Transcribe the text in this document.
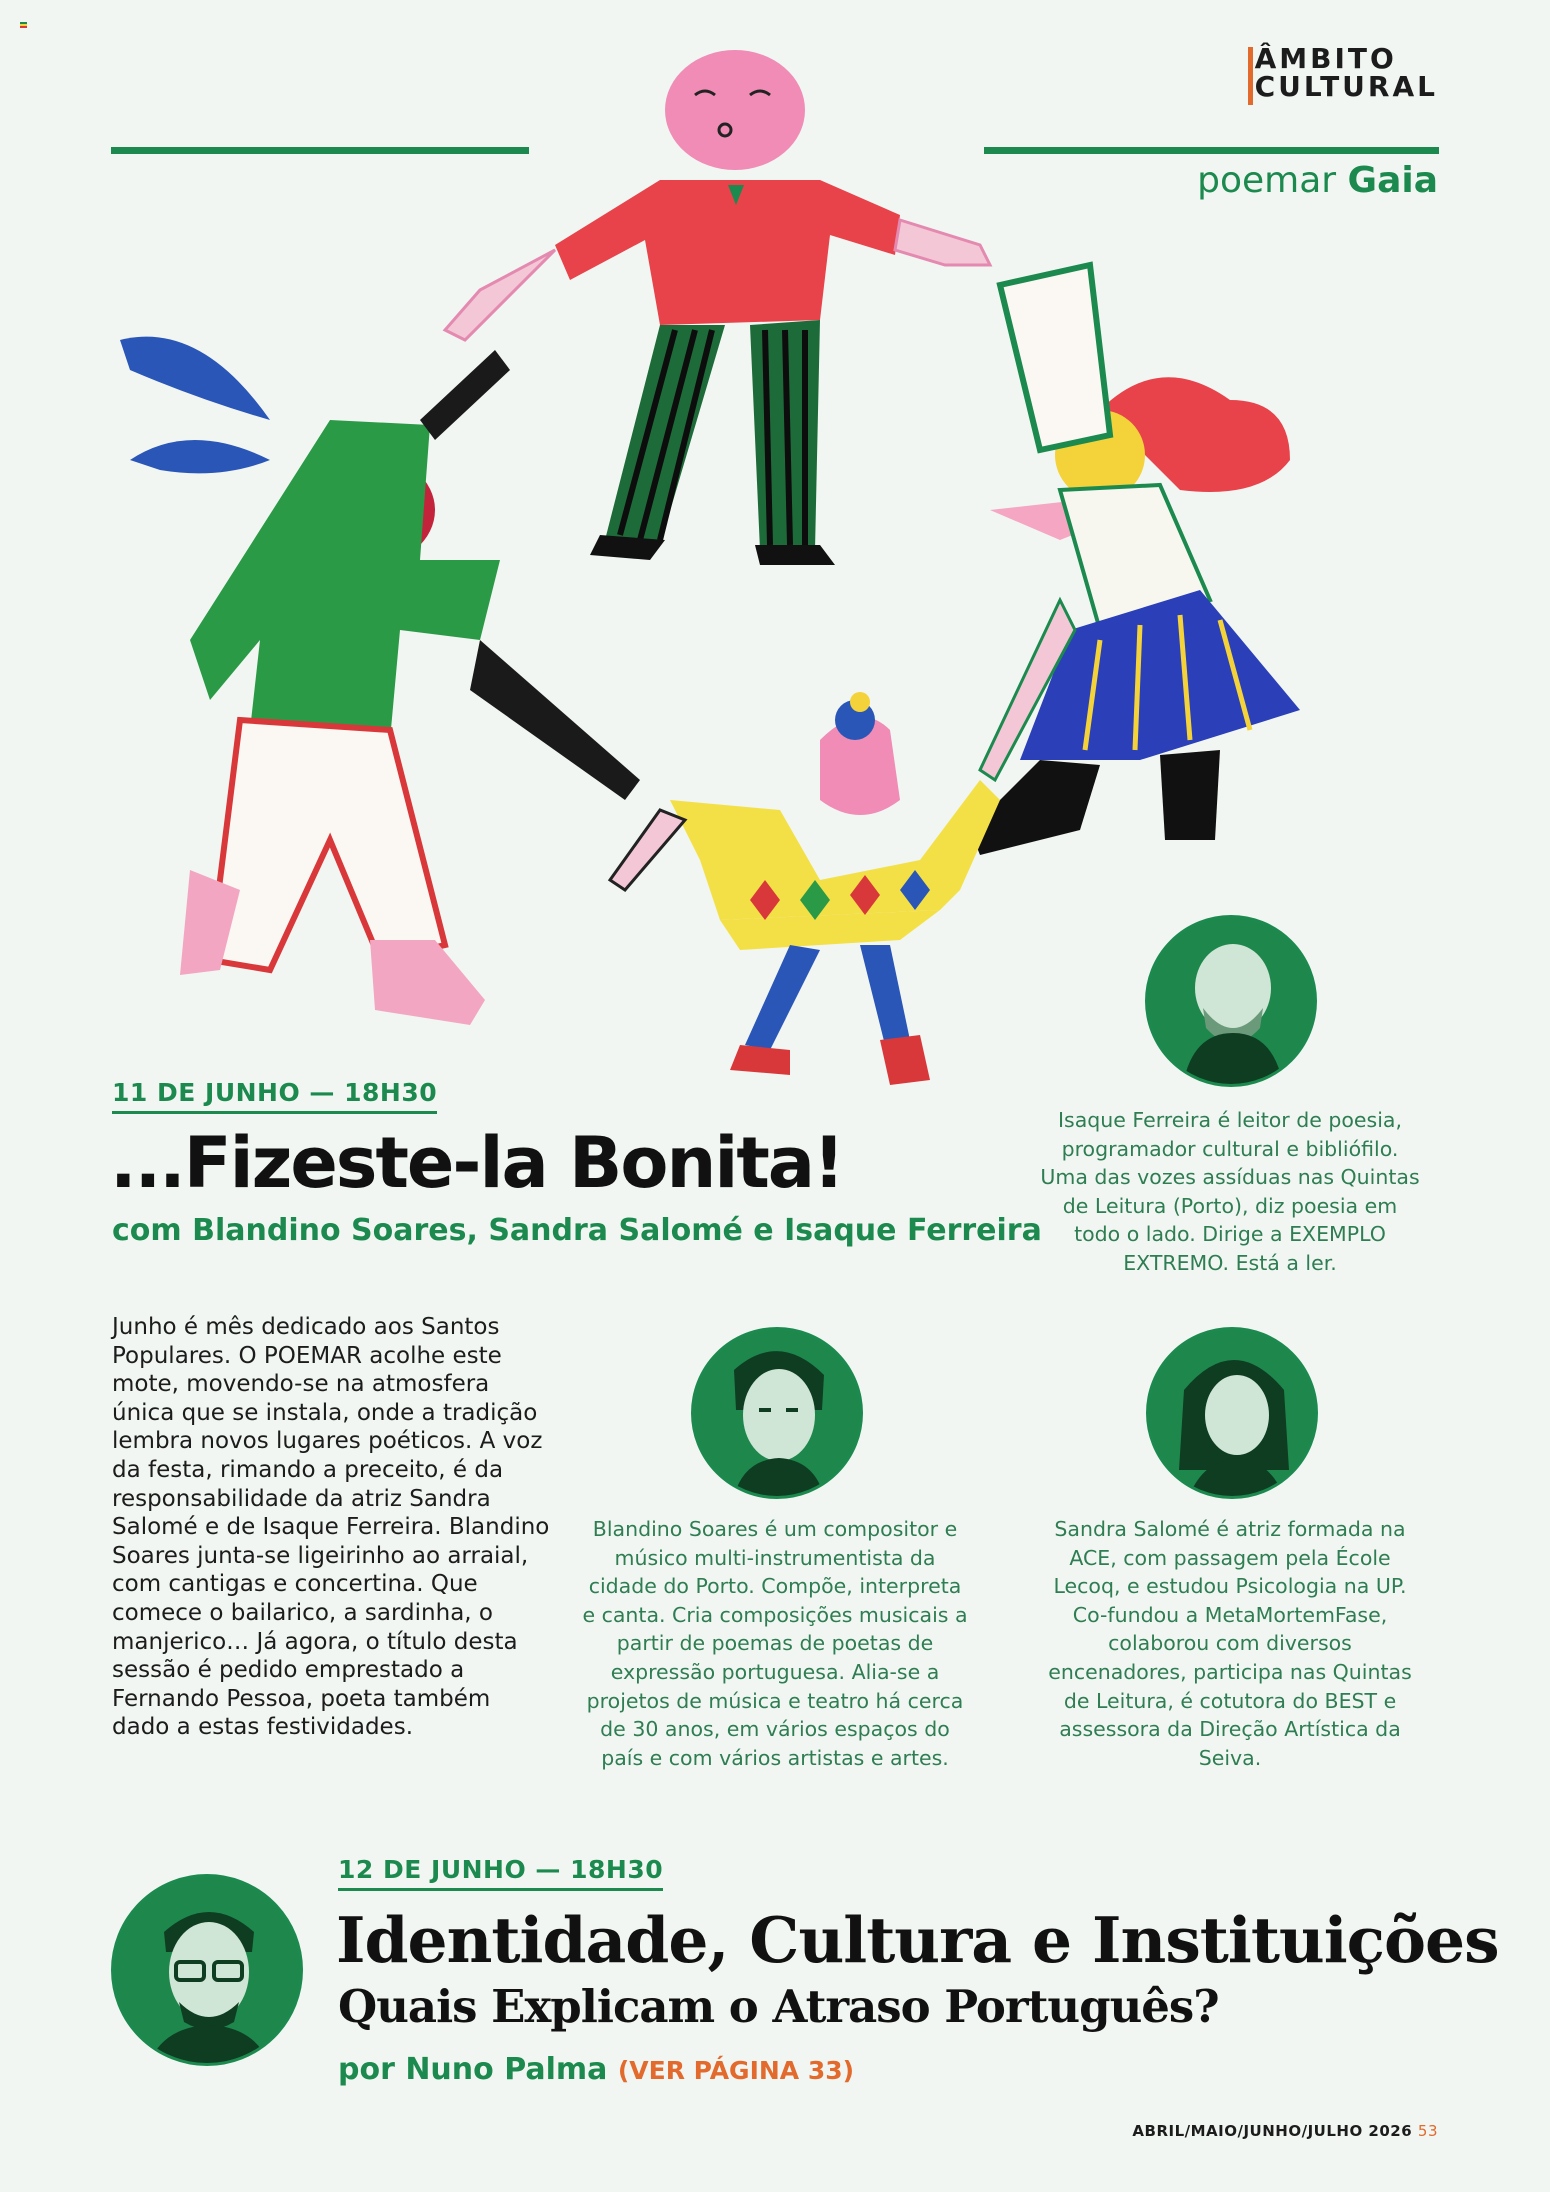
ÂMBITO
CULTURAL
poemar Gaia
11 DE JUNHO — 18H30
...Fizeste-la Bonita!
com Blandino Soares, Sandra Salomé e Isaque Ferreira
Isaque Ferreira é leitor de poesia, programador cultural e bibliófilo. Uma das vozes assíduas nas Quintas de Leitura (Porto), diz poesia em todo o lado. Dirige a EXEMPLO EXTREMO. Está a ler.
Junho é mês dedicado aos Santos Populares. O POEMAR acolhe este mote, movendo-se na atmosfera única que se instala, onde a tradição lembra novos lugares poéticos. A voz da festa, rimando a preceito, é da responsabilidade da atriz Sandra Salomé e de Isaque Ferreira. Blandino Soares junta-se ligeirinho ao arraial, com cantigas e concertina. Que comece o bailarico, a sardinha, o manjerico… Já agora, o título desta sessão é pedido emprestado a Fernando Pessoa, poeta também dado a estas festividades.
Blandino Soares é um compositor e músico multi-instrumentista da cidade do Porto. Compõe, interpreta e canta. Cria composições musicais a partir de poemas de poetas de expressão portuguesa. Alia-se a projetos de música e teatro há cerca de 30 anos, em vários espaços do país e com vários artistas e artes.
Sandra Salomé é atriz formada na ACE, com passagem pela École Lecoq, e estudou Psicologia na UP. Co-fundou a MetaMortemFase, colaborou com diversos encenadores, participa nas Quintas de Leitura, é cotutora do BEST e assessora da Direção Artística da Seiva.
12 DE JUNHO — 18H30
Identidade, Cultura e Instituições
Quais Explicam o Atraso Português?
por Nuno Palma (VER PÁGINA 33)
ABRIL/MAIO/JUNHO/JULHO 2026 53
